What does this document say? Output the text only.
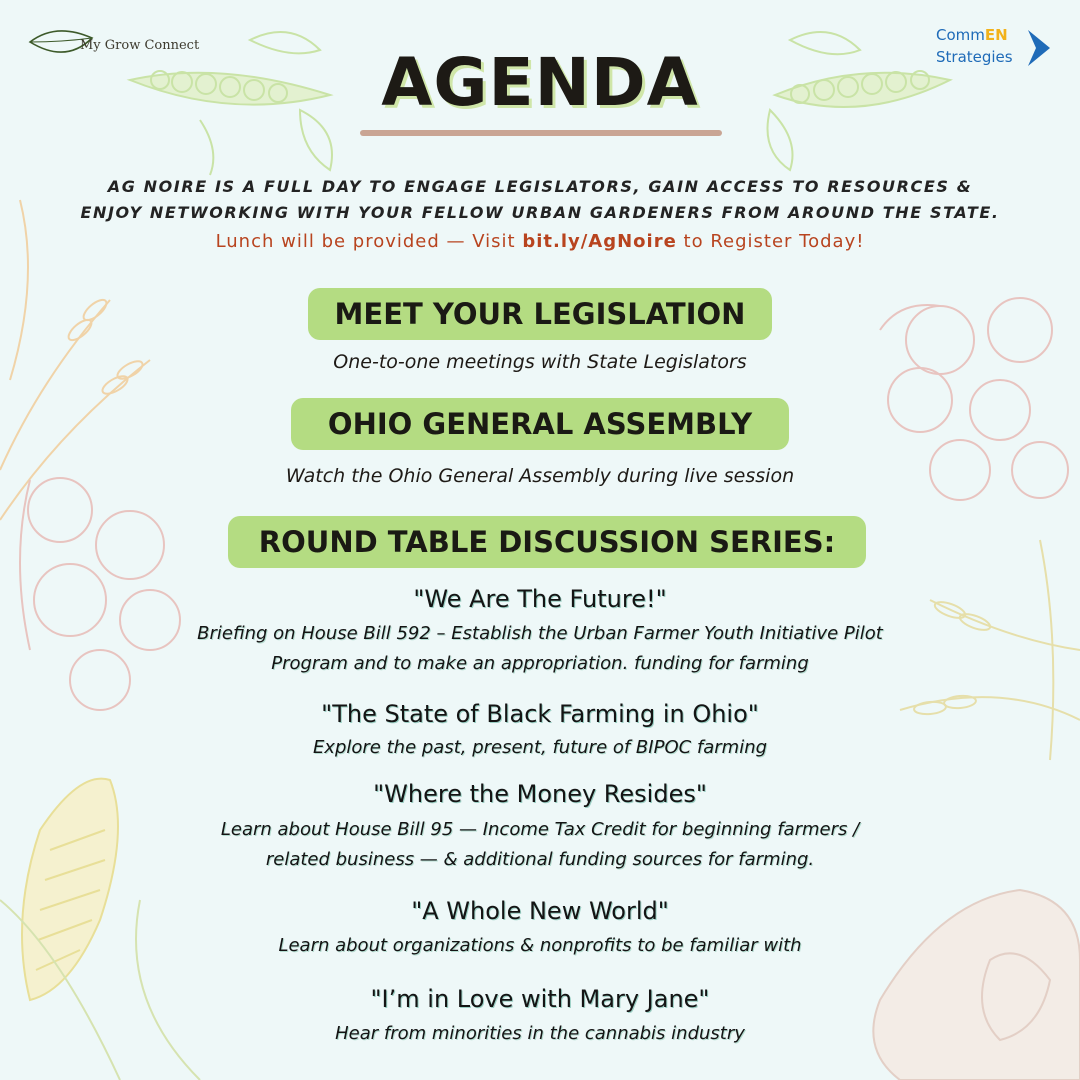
My Grow Connect
CommEN
Strategies
AGENDA
AG NOIRE IS A FULL DAY TO ENGAGE LEGISLATORS, GAIN ACCESS TO RESOURCES &
ENJOY NETWORKING WITH YOUR FELLOW URBAN GARDENERS FROM AROUND THE STATE.
Lunch will be provided — Visit bit.ly/AgNoire to Register Today!
MEET YOUR LEGISLATION
One-to-one meetings with State Legislators
OHIO GENERAL ASSEMBLY
Watch the Ohio General Assembly during live session
ROUND TABLE DISCUSSION SERIES:
"We Are The Future!"
Briefing on House Bill 592 – Establish the Urban Farmer Youth Initiative Pilot
Program and to make an appropriation. funding for farming
"The State of Black Farming in Ohio"
Explore the past, present, future of BIPOC farming
"Where the Money Resides"
Learn about House Bill 95 — Income Tax Credit for beginning farmers /
related business — & additional funding sources for farming.
"A Whole New World"
Learn about organizations & nonprofits to be familiar with
"I’m in Love with Mary Jane"
Hear from minorities in the cannabis industry
